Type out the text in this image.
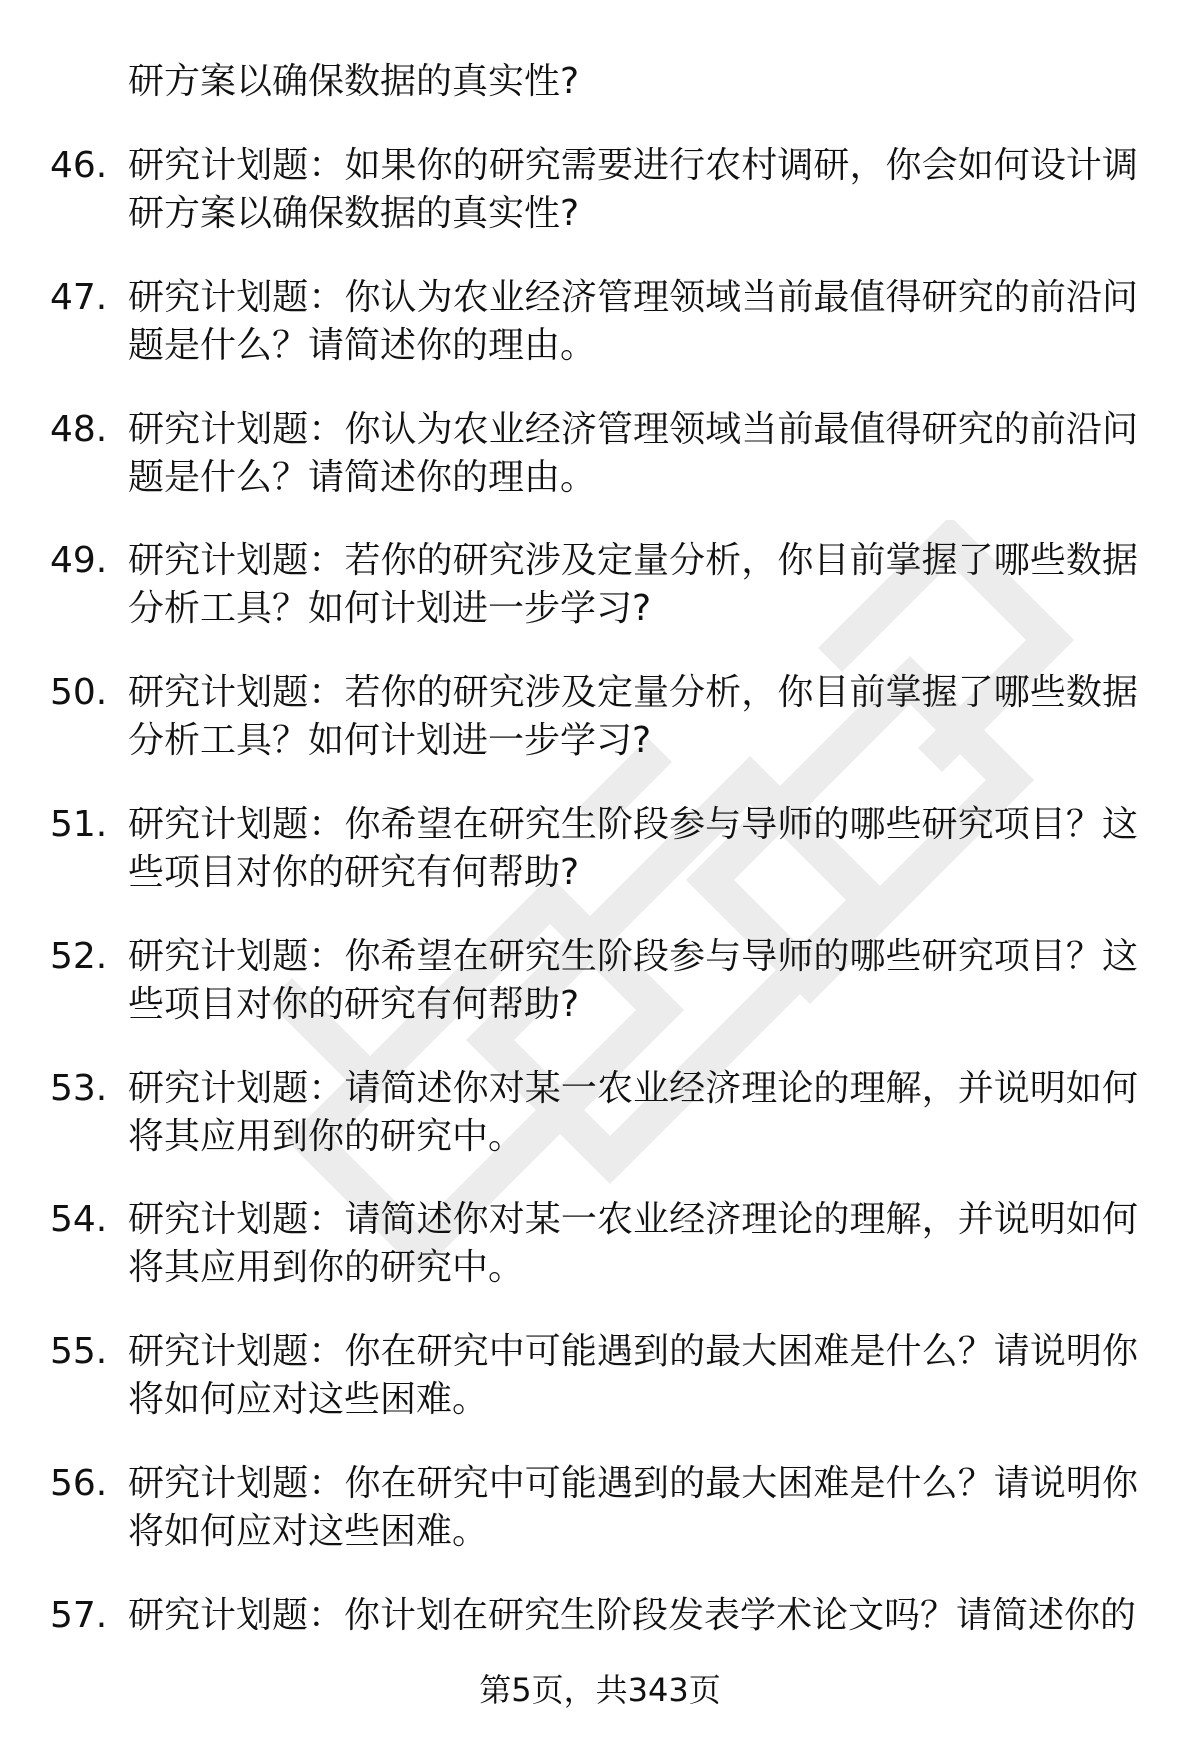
研方案以确保数据的真实性?
46. 研究计划题：如果你的研究需要进行农村调研，你会如何设计调研方案以确保数据的真实性?
47. 研究计划题：你认为农业经济管理领域当前最值得研究的前沿问题是什么？请简述你的理由。
48. 研究计划题：你认为农业经济管理领域当前最值得研究的前沿问题是什么？请简述你的理由。
49. 研究计划题：若你的研究涉及定量分析，你目前掌握了哪些数据分析工具？如何计划进一步学习?
50. 研究计划题：若你的研究涉及定量分析，你目前掌握了哪些数据分析工具？如何计划进一步学习?
51. 研究计划题：你希望在研究生阶段参与导师的哪些研究项目？这些项目对你的研究有何帮助?
52. 研究计划题：你希望在研究生阶段参与导师的哪些研究项目？这些项目对你的研究有何帮助?
53. 研究计划题：请简述你对某一农业经济理论的理解，并说明如何将其应用到你的研究中。
54. 研究计划题：请简述你对某一农业经济理论的理解，并说明如何将其应用到你的研究中。
55. 研究计划题：你在研究中可能遇到的最大困难是什么？请说明你将如何应对这些困难。
56. 研究计划题：你在研究中可能遇到的最大困难是什么？请说明你将如何应对这些困难。
57. 研究计划题：你计划在研究生阶段发表学术论文吗？请简述你的
第5页，共343页
